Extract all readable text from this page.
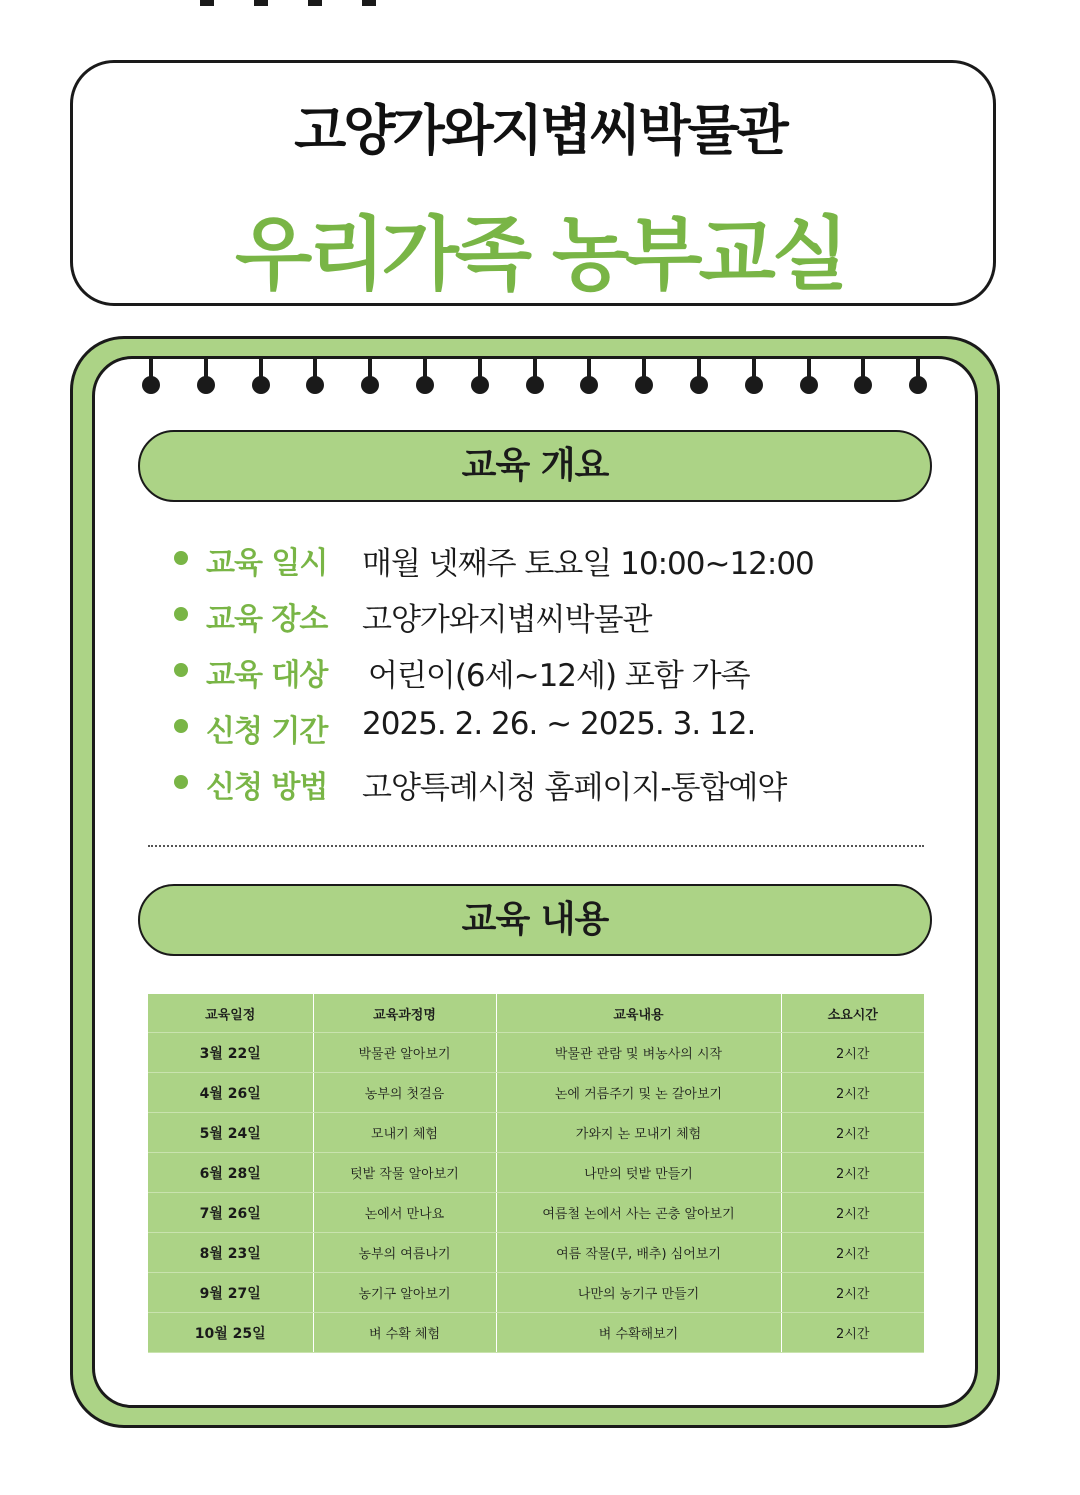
고양가와지볍씨박물관
우리가족 농부교실
교육 개요
교육 일시 매월 넷째주 토요일 10:00~12:00
교육 장소 고양가와지볍씨박물관
교육 대상 어린이(6세~12세) 포함 가족
신청 기간 2025. 2. 26. ~ 2025. 3. 12.
신청 방법 고양특례시청 홈페이지-통합예약
교육 내용
교육일정	교육과정명	교육내용	소요시간
3월 22일	박물관 알아보기	박물관 관람 및 벼농사의 시작	2시간
4월 26일	농부의 첫걸음	논에 거름주기 및 논 갈아보기	2시간
5월 24일	모내기 체험	가와지 논 모내기 체험	2시간
6월 28일	텃밭 작물 알아보기	나만의 텃밭 만들기	2시간
7월 26일	논에서 만나요	여름철 논에서 사는 곤충 알아보기	2시간
8월 23일	농부의 여름나기	여름 작물(무, 배추) 심어보기	2시간
9월 27일	농기구 알아보기	나만의 농기구 만들기	2시간
10월 25일	벼 수확 체험	벼 수확해보기	2시간
